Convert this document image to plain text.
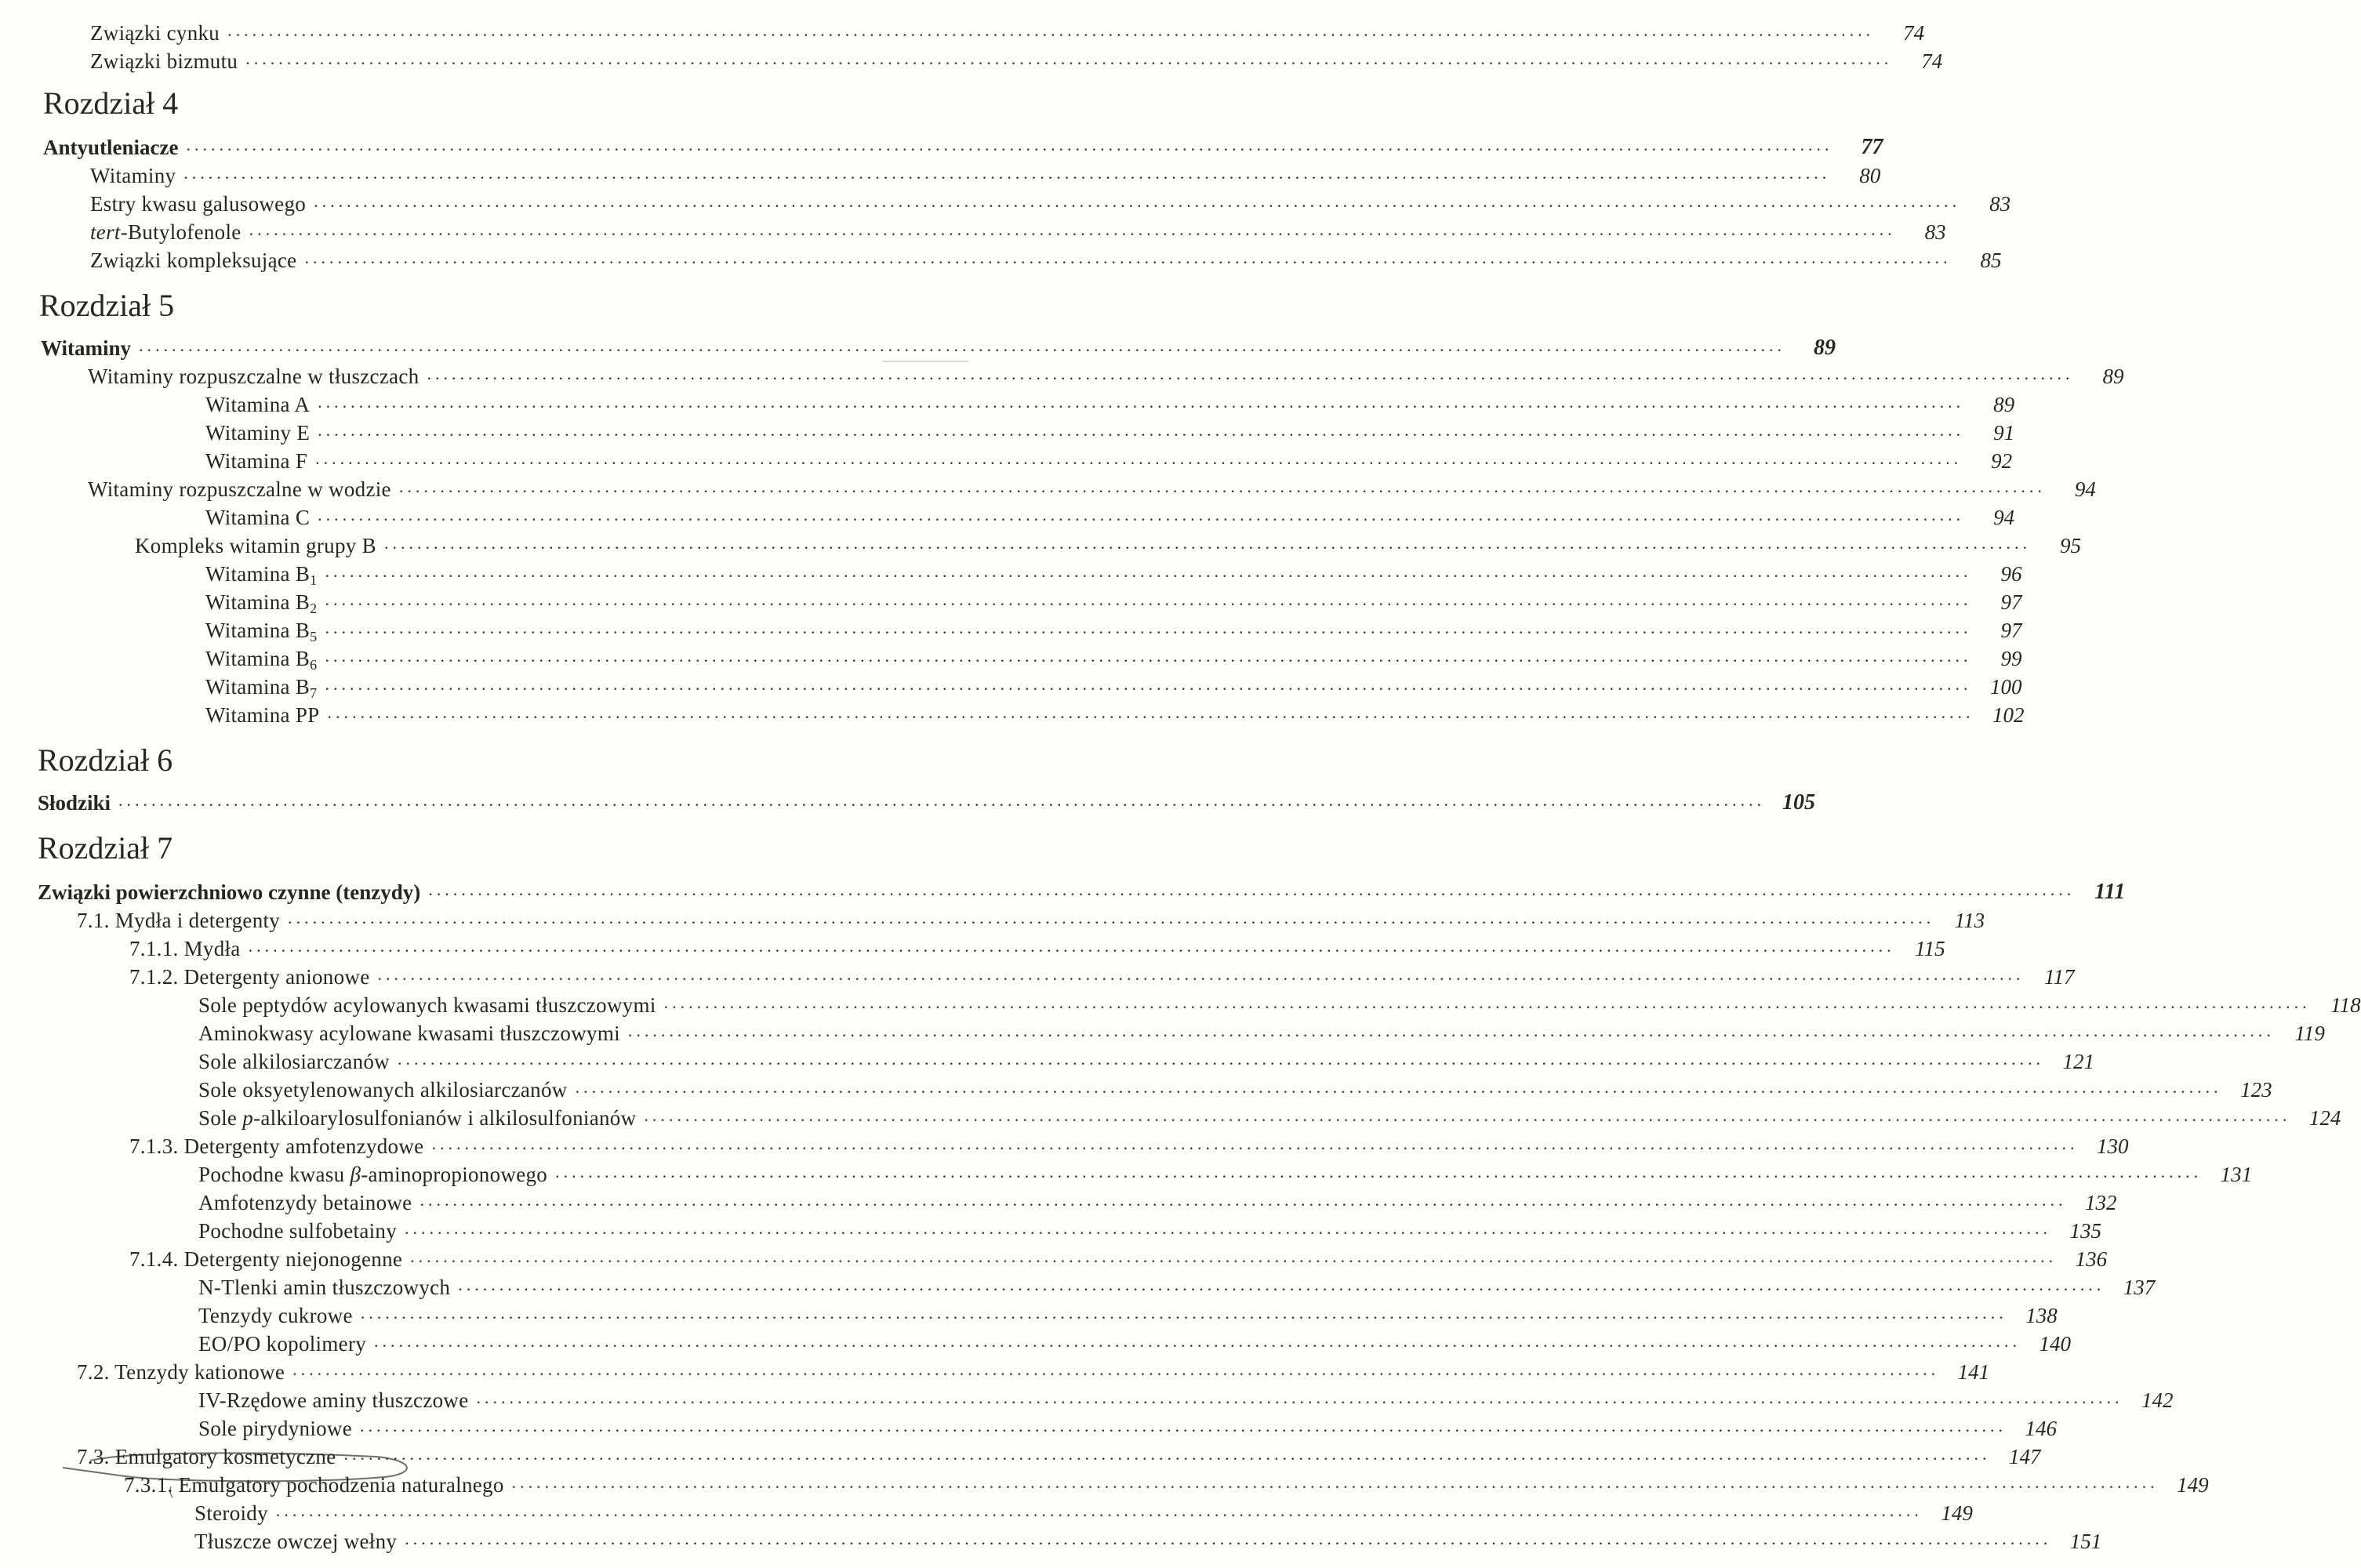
Związki cynku ........................................................................................................................................................................................................	74
Związki bizmutu ........................................................................................................................................................................................................	74
Rozdział 4
Antyutleniacze ........................................................................................................................................................................................................	77
Witaminy ........................................................................................................................................................................................................	80
Estry kwasu galusowego ........................................................................................................................................................................................................	83
tert-Butylofenole ........................................................................................................................................................................................................	83
Związki kompleksujące ........................................................................................................................................................................................................	85
Rozdział 5
Witaminy ........................................................................................................................................................................................................	89
Witaminy rozpuszczalne w tłuszczach ........................................................................................................................................................................................................	89
Witamina A ........................................................................................................................................................................................................	89
Witaminy E ........................................................................................................................................................................................................	91
Witamina F ........................................................................................................................................................................................................	92
Witaminy rozpuszczalne w wodzie ........................................................................................................................................................................................................	94
Witamina C ........................................................................................................................................................................................................	94
Kompleks witamin grupy B ........................................................................................................................................................................................................	95
Witamina $B_1$ ........................................................................................................................................................................................................	96
Witamina $B_2$ ........................................................................................................................................................................................................	97
Witamina $B_5$ ........................................................................................................................................................................................................	97
Witamina $B_6$ ........................................................................................................................................................................................................	99
Witamina $B_7$ ........................................................................................................................................................................................................ 100
Witamina PP ........................................................................................................................................................................................................ 102
Rozdział 6
Słodziki ........................................................................................................................................................................................................ 105
Rozdział 7
Związki powierzchniowo czynne (tenzydy) ........................................................................................................................................................................................................ 111
7.1. Mydła i detergenty ........................................................................................................................................................................................................ 113
7.1.1. Mydła ........................................................................................................................................................................................................ 115
7.1.2. Detergenty anionowe ........................................................................................................................................................................................................ 117
Sole peptydów acylowanych kwasami tłuszczowymi ........................................................................................................................................................................................................ 118
Aminokwasy acylowane kwasami tłuszczowymi ........................................................................................................................................................................................................ 119
Sole alkilosiarczanów ........................................................................................................................................................................................................ 121
Sole oksyetylenowanych alkilosiarczanów ........................................................................................................................................................................................................ 123
Sole p-alkiloarylosulfonianów i alkilosulfonianów ........................................................................................................................................................................................................ 124
7.1.3. Detergenty amfotenzydowe ........................................................................................................................................................................................................ 130
Pochodne kwasu β-aminopropionowego ........................................................................................................................................................................................................ 131
Amfotenzydy betainowe ........................................................................................................................................................................................................ 132
Pochodne sulfobetainy ........................................................................................................................................................................................................ 135
7.1.4. Detergenty niejonogenne ........................................................................................................................................................................................................ 136
N-Tlenki amin tłuszczowych ........................................................................................................................................................................................................ 137
Tenzydy cukrowe ........................................................................................................................................................................................................ 138
EO/PO kopolimery ........................................................................................................................................................................................................ 140
7.2. Tenzydy kationowe ........................................................................................................................................................................................................ 141
IV-Rzędowe aminy tłuszczowe ........................................................................................................................................................................................................ 142
Sole pirydyniowe ........................................................................................................................................................................................................ 146
7.3. Emulgatory kosmetyczne ........................................................................................................................................................................................................ 147
7.3.1. Emulgatory pochodzenia naturalnego ........................................................................................................................................................................................................ 149
Steroidy ........................................................................................................................................................................................................ 149
Tłuszcze owczej wełny ........................................................................................................................................................................................................ 151
